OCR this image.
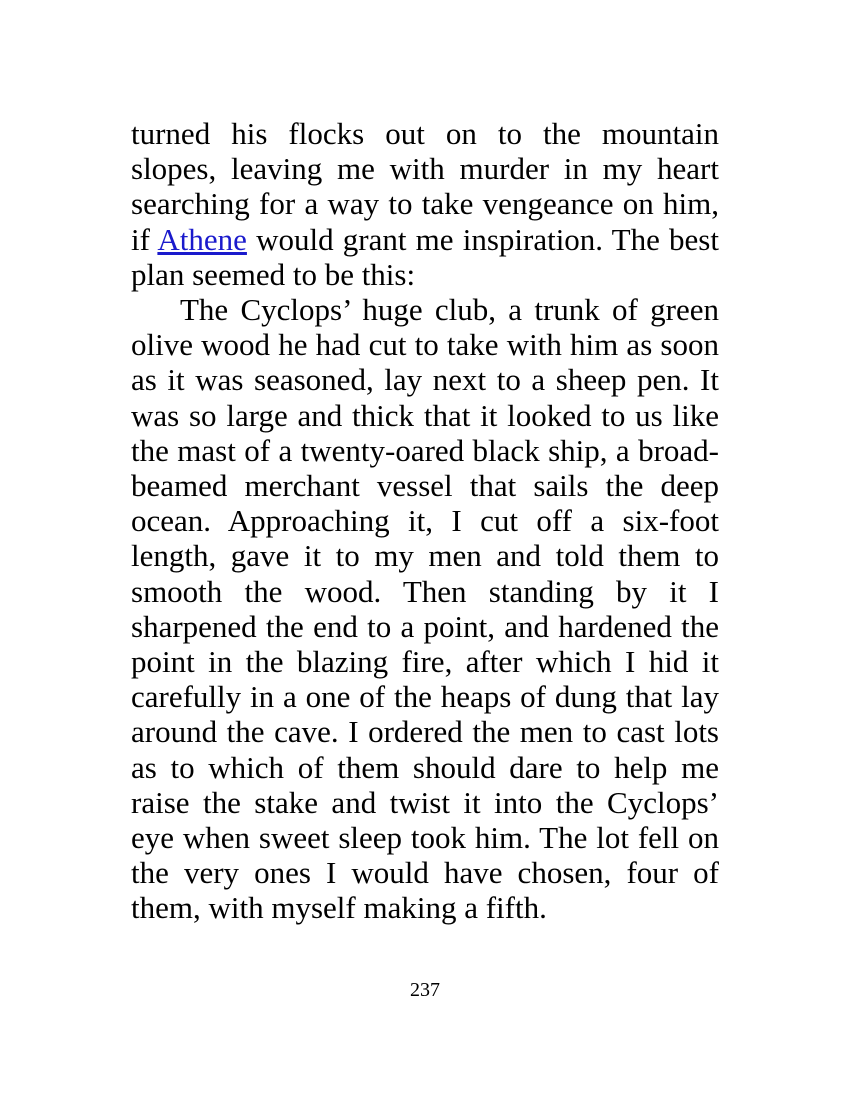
turned his flocks out on to the mountain slopes, leaving me with murder in my heart searching for a way to take vengeance on him, if Athene would grant me inspiration. The best plan seemed to be this:

The Cyclops’ huge club, a trunk of green olive wood he had cut to take with him as soon as it was seasoned, lay next to a sheep pen. It was so large and thick that it looked to us like the mast of a twenty-oared black ship, a broad-beamed merchant vessel that sails the deep ocean. Approaching it, I cut off a six-foot length, gave it to my men and told them to smooth the wood. Then standing by it I sharpened the end to a point, and hardened the point in the blazing fire, after which I hid it carefully in a one of the heaps of dung that lay around the cave. I ordered the men to cast lots as to which of them should dare to help me raise the stake and twist it into the Cyclops’ eye when sweet sleep took him. The lot fell on the very ones I would have chosen, four of them, with myself making a fifth.

237
